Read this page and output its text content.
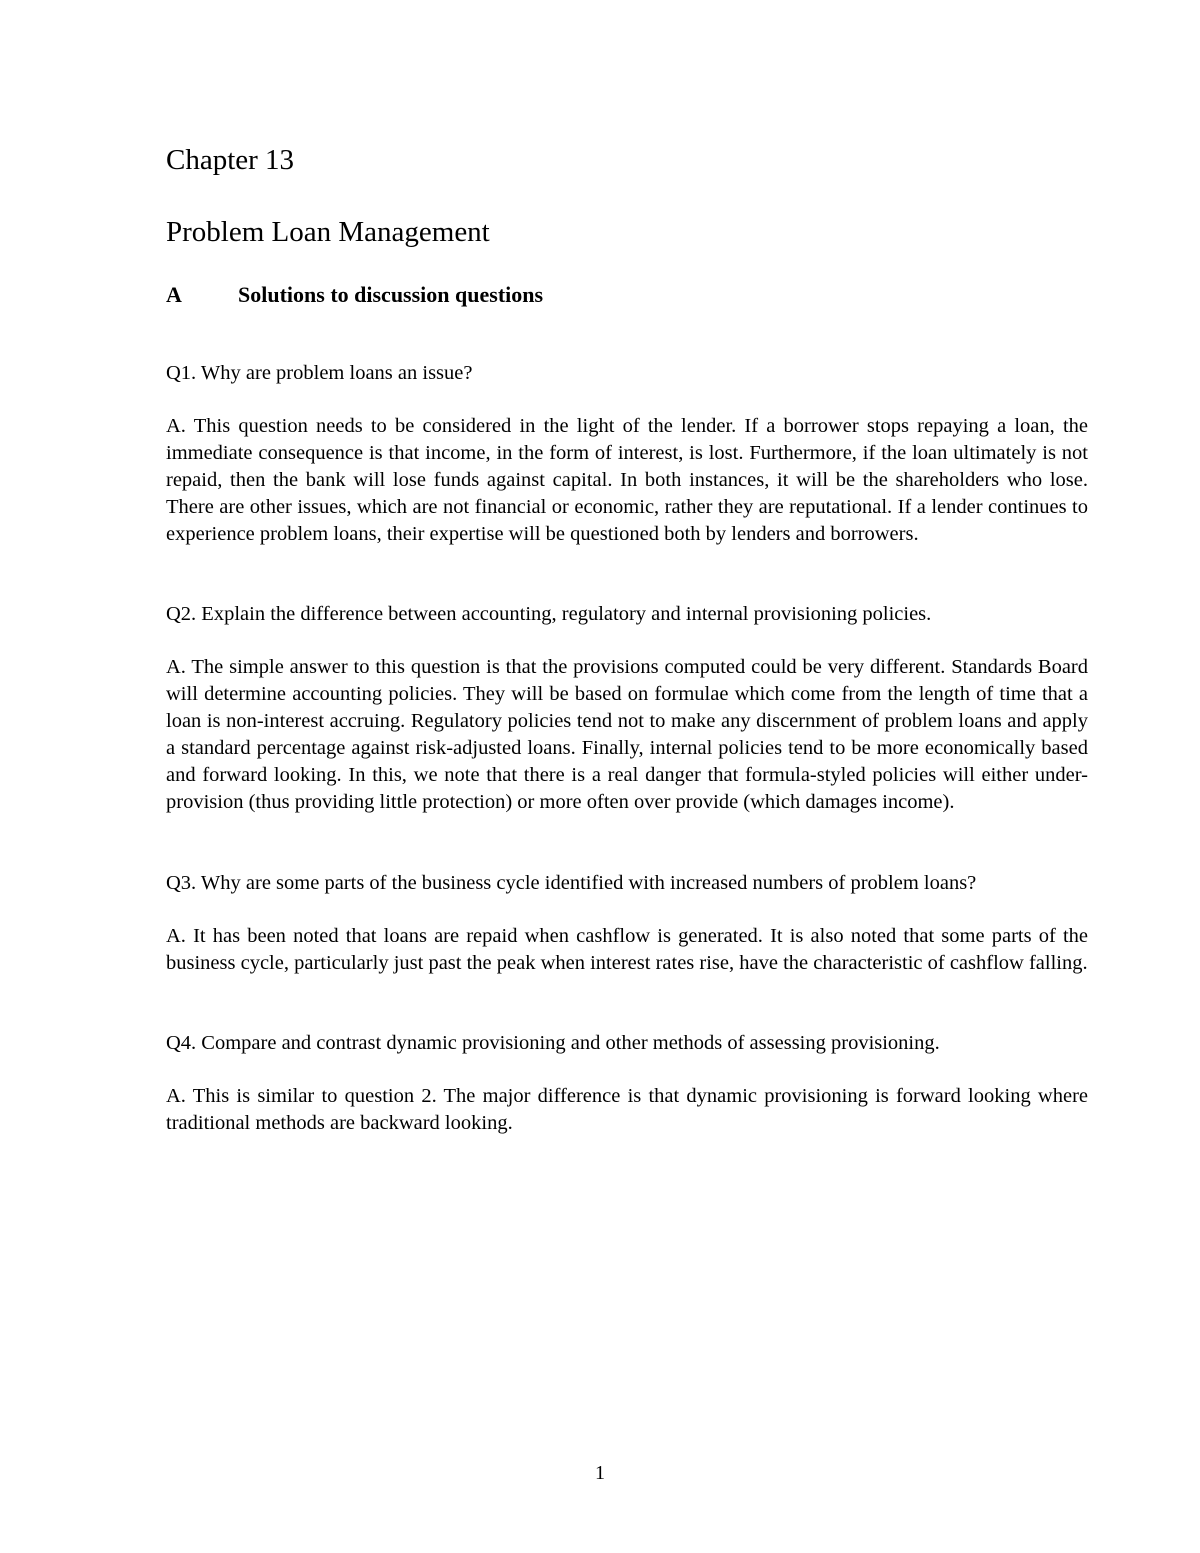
Chapter 13
Problem Loan Management
A	Solutions to discussion questions

Q1. Why are problem loans an issue?

A. This question needs to be considered in the light of the lender. If a borrower stops repaying a loan, the immediate consequence is that income, in the form of interest, is lost. Furthermore, if the loan ultimately is not repaid, then the bank will lose funds against capital. In both instances, it will be the shareholders who lose. There are other issues, which are not financial or economic, rather they are reputational. If a lender continues to experience problem loans, their expertise will be questioned both by lenders and borrowers.

Q2. Explain the difference between accounting, regulatory and internal provisioning policies.

A. The simple answer to this question is that the provisions computed could be very different. Standards Board will determine accounting policies. They will be based on formulae which come from the length of time that a loan is non-interest accruing. Regulatory policies tend not to make any discernment of problem loans and apply a standard percentage against risk-adjusted loans. Finally, internal policies tend to be more economically based and forward looking. In this, we note that there is a real danger that formula-styled policies will either under-provision (thus providing little protection) or more often over provide (which damages income).

Q3. Why are some parts of the business cycle identified with increased numbers of problem loans?

A. It has been noted that loans are repaid when cashflow is generated. It is also noted that some parts of the business cycle, particularly just past the peak when interest rates rise, have the characteristic of cashflow falling.

Q4. Compare and contrast dynamic provisioning and other methods of assessing provisioning.

A. This is similar to question 2. The major difference is that dynamic provisioning is forward looking where traditional methods are backward looking.

1
